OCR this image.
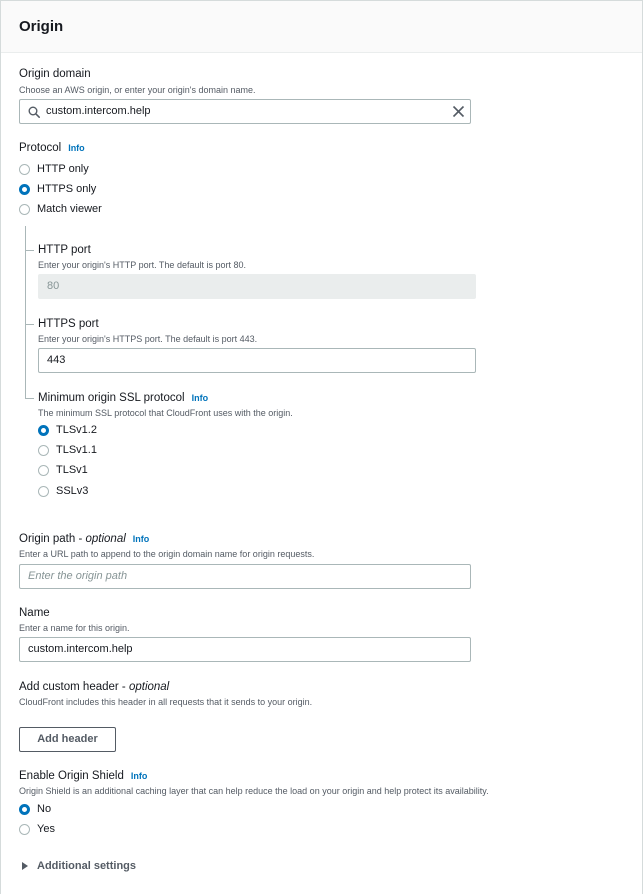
Origin
Origin domain
Choose an AWS origin, or enter your origin's domain name.
custom.intercom.help
Protocol Info
HTTP only
HTTPS only
Match viewer
HTTP port
Enter your origin's HTTP port. The default is port 80.
80
HTTPS port
Enter your origin's HTTPS port. The default is port 443.
443
Minimum origin SSL protocol Info
The minimum SSL protocol that CloudFront uses with the origin.
TLSv1.2
TLSv1.1
TLSv1
SSLv3
Origin path - optional Info
Enter a URL path to append to the origin domain name for origin requests.
Enter the origin path
Name
Enter a name for this origin.
custom.intercom.help
Add custom header - optional
CloudFront includes this header in all requests that it sends to your origin.
Add header
Enable Origin Shield Info
Origin Shield is an additional caching layer that can help reduce the load on your origin and help protect its availability.
No
Yes
Additional settings
